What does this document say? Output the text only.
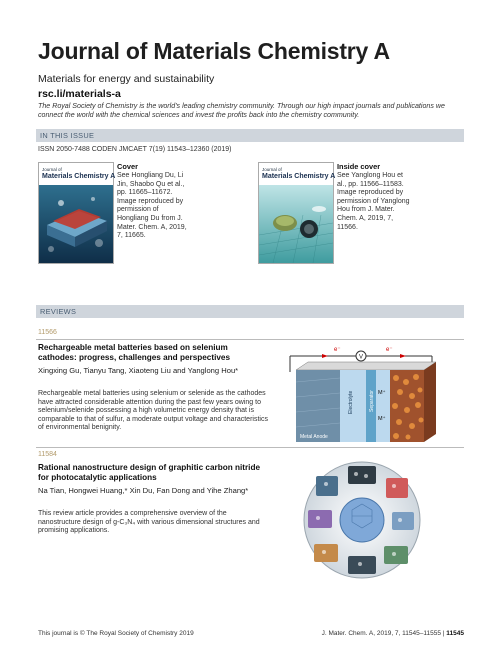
Journal of Materials Chemistry A
Materials for energy and sustainability
rsc.li/materials-a
The Royal Society of Chemistry is the world's leading chemistry community. Through our high impact journals and publications we connect the world with the chemical sciences and invest the profits back into the chemistry community.
IN THIS ISSUE
ISSN 2050-7488 CODEN JMCAET 7(19) 11543–12360 (2019)
Journal of
Materials Chemistry A
Cover
See Hongliang Du, Li Jin, Shaobo Qu et al., pp. 11665–11672. Image reproduced by permission of Hongliang Du from J. Mater. Chem. A, 2019, 7, 11665.
Journal of
Materials Chemistry A
Inside cover
See Yanglong Hou et al., pp. 11566–11583. Image reproduced by permission of Yanglong Hou from J. Mater. Chem. A, 2019, 7, 11566.
REVIEWS
11566
Rechargeable metal batteries based on selenium cathodes: progress, challenges and perspectives
Xingxing Gu, Tianyu Tang, Xiaoteng Liu and Yanglong Hou*
Rechargeable metal batteries using selenium or selenide as the cathodes have attracted considerable attention during the past few years owing to selenium/selenide possessing a high volumetric energy density that is comparable to that of sulfur, a moderate output voltage and characteristics of environmental benignity.
V
e⁻	e⁻
Electrolyte	Separator M⁺
M⁺
Metal Anode
11584
Rational nanostructure design of graphitic carbon nitride for photocatalytic applications
Na Tian, Hongwei Huang,* Xin Du, Fan Dong and Yihe Zhang*
This review article provides a comprehensive overview of the nanostructure design of g-C₃N₄ with various dimensional structures and promising applications.
This journal is © The Royal Society of Chemistry 2019	J. Mater. Chem. A, 2019, 7, 11545–11555 | 11545
